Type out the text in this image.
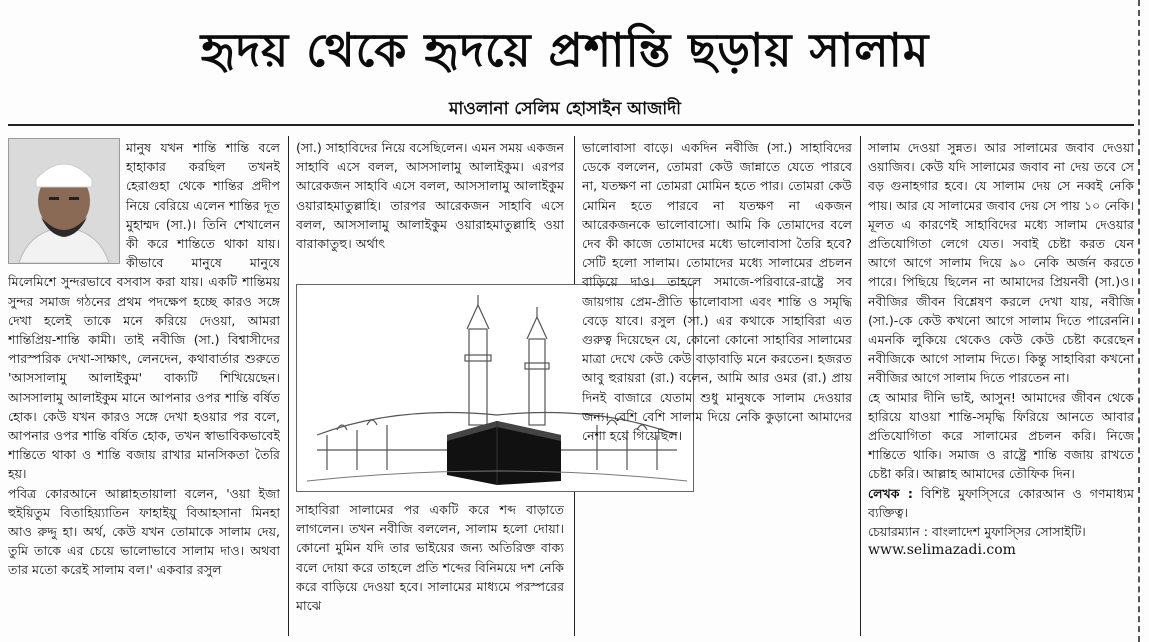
হৃদয় থেকে হৃদয়ে প্রশান্তি ছড়ায় সালাম
মাওলানা সেলিম হোসাইন আজাদী

মানুষ যখন শান্তি শান্তি বলে হাহাকার করছিল তখনই হেরাগুহা থেকে শান্তির প্রদীপ নিয়ে বেরিয়ে এলেন শান্তির দূত মুহাম্মদ (সা.)। তিনি শেখালেন কী করে শান্তিতে থাকা যায়। কীভাবে মানুষে মানুষে মিলেমিশে সুন্দরভাবে বসবাস করা যায়। একটি শান্তিময় সুন্দর সমাজ গঠনের প্রথম পদক্ষেপ হচ্ছে কারও সঙ্গে দেখা হলেই তাকে মনে করিয়ে দেওয়া, আমরা শান্তিপ্রিয়-শান্তি কামী। তাই নবীজি (সা.) বিশ্বাসীদের পারস্পরিক দেখা-সাক্ষাৎ, লেনদেন, কথাবার্তার শুরুতে 'আসসালামু আলাইকুম' বাক্যটি শিখিয়েছেন। আসসালামু আলাইকুম মানে আপনার ওপর শান্তি বর্ষিত হোক। কেউ যখন কারও সঙ্গে দেখা হওয়ার পর বলে, আপনার ওপর শান্তি বর্ষিত হোক, তখন স্বাভাবিকভাবেই শান্তিতে থাকা ও শান্তি বজায় রাখার মানসিকতা তৈরি হয়।

পবিত্র কোরআনে আল্লাহতায়ালা বলেন, 'ওয়া ইজা হুইয়িতুম বিতাহিয়্যাতিন ফাহাইয়ু বিআহসানা মিনহা আও রুদ্দু হা। অর্থ, কেউ যখন তোমাকে সালাম দেয়, তুমি তাকে এর চেয়ে ভালোভাবে সালাম দাও। অথবা তার মতো করেই সালাম বল।' একবার রসুল

(সা.) সাহাবিদের নিয়ে বসেছিলেন। এমন সময় একজন সাহাবি এসে বলল, আসসালামু আলাইকুম। এরপর আরেকজন সাহাবি এসে বলল, আসসালামু আলাইকুম ওয়ারাহমাতুল্লাহি। তারপর আরেকজন সাহাবি এসে বলল, আসসালামু আলাইকুম ওয়ারাহমাতুল্লাহি ওয়া বারাকাতুহু। অর্থাৎ

সাহাবিরা সালামের পর একটি করে শব্দ বাড়াতে লাগলেন। তখন নবীজি বললেন, সালাম হলো দোয়া। কোনো মুমিন যদি তার ভাইয়ের জন্য অতিরিক্ত বাক্য বলে দোয়া করে তাহলে প্রতি শব্দের বিনিময়ে দশ নেকি করে বাড়িয়ে দেওয়া হবে। সালামের মাধ্যমে পরস্পরের মাঝে

ভালোবাসা বাড়ে। একদিন নবীজি (সা.) সাহাবিদের ডেকে বললেন, তোমরা কেউ জান্নাতে যেতে পারবে না, যতক্ষণ না তোমরা মোমিন হতে পার। তোমরা কেউ মোমিন হতে পারবে না যতক্ষণ না একজন আরেকজনকে ভালোবাসো। আমি কি তোমাদের বলে দেব কী কাজে তোমাদের মধ্যে ভালোবাসা তৈরি হবে? সেটি হলো সালাম। তোমাদের মধ্যে সালামের প্রচলন বাড়িয়ে দাও। তাহলে সমাজে-পরিবারে-রাষ্ট্রে সব জায়গায় প্রেম-প্রীতি ভালোবাসা এবং শান্তি ও সমৃদ্ধি বেড়ে যাবে। রসুল (সা.) এর কথাকে সাহাবিরা এত গুরুত্ব দিয়েছেন যে, কোনো কোনো সাহাবির সালামের মাত্রা দেখে কেউ কেউ বাড়াবাড়ি মনে করতেন। হজরত আবু হুরায়রা (রা.) বলেন, আমি আর ওমর (রা.) প্রায় দিনই বাজারে যেতাম শুধু মানুষকে সালাম দেওয়ার জন্য। বেশি বেশি সালাম দিয়ে নেকি কুড়ানো আমাদের নেশা হয়ে গিয়েছিল।

সালাম দেওয়া সুন্নত। আর সালামের জবাব দেওয়া ওয়াজিব। কেউ যদি সালামের জবাব না দেয় তবে সে বড় গুনাহগার হবে। যে সালাম দেয় সে নব্বই নেকি পায়। আর যে সালামের জবাব দেয় সে পায় ১০ নেকি। মূলত এ কারণেই সাহাবিদের মধ্যে সালাম দেওয়ার প্রতিযোগিতা লেগে যেত। সবাই চেষ্টা করত যেন আগে আগে সালাম দিয়ে ৯০ নেকি অর্জন করতে পারে। পিছিয়ে ছিলেন না আমাদের প্রিয়নবী (সা.)ও। নবীজির জীবন বিশ্লেষণ করলে দেখা যায়, নবীজি (সা.)-কে কেউ কখনো আগে সালাম দিতে পারেননি। এমনকি লুকিয়ে থেকেও কেউ কেউ চেষ্টা করেছেন নবীজিকে আগে সালাম দিতে। কিন্তু সাহাবিরা কখনো নবীজির আগে সালাম দিতে পারতেন না।

হে আমার দীনি ভাই, আসুন! আমাদের জীবন থেকে হারিয়ে যাওয়া শান্তি-সমৃদ্ধি ফিরিয়ে আনতে আবার প্রতিযোগিতা করে সালামের প্রচলন করি। নিজে শান্তিতে থাকি। সমাজ ও রাষ্ট্রে শান্তি বজায় রাখতে চেষ্টা করি। আল্লাহ আমাদের তৌফিক দিন।

লেখক : বিশিষ্ট মুফাস্সিরে কোরআন ও গণমাধ্যম ব্যক্তিত্ব।

চেয়ারম্যান : বাংলাদেশ মুফাস্সির সোসাইটি।

www.selimazadi.com
